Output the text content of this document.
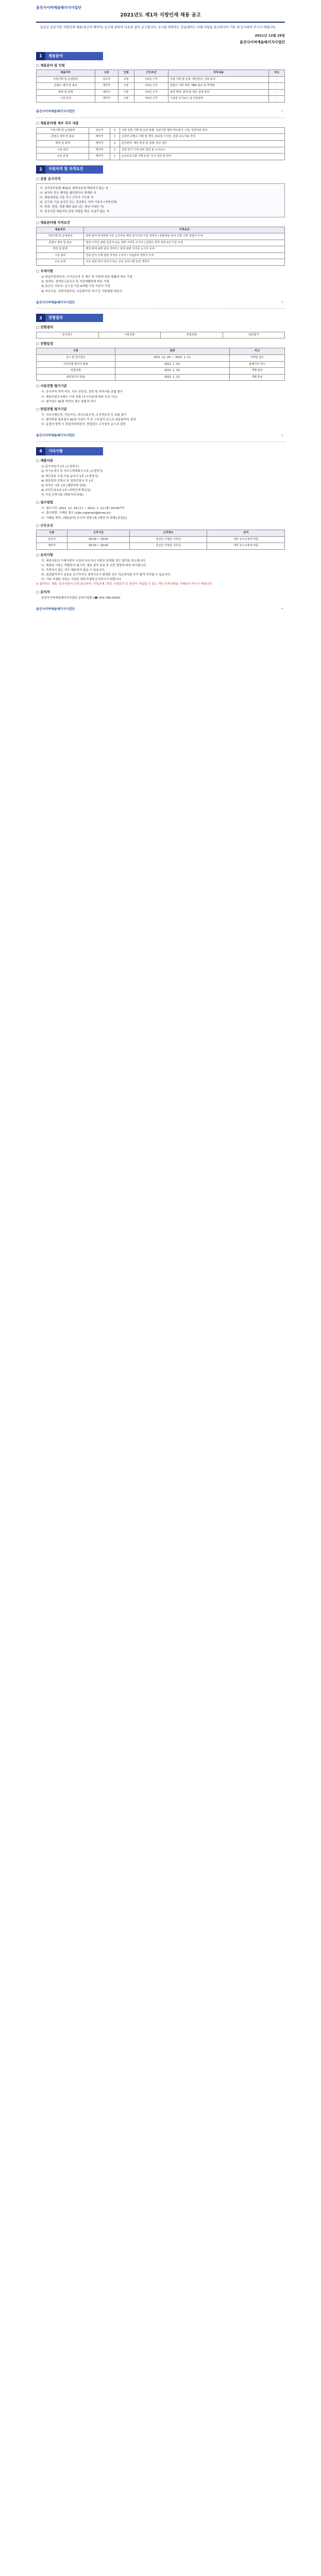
울진사이버예술패키지사업단
2021년도 제1차 지방인재 채용 공고

울진군 공공기관 지방인재 채용(정규직·계약직) 공고에 관하여 다음과 같이 공고합니다. 응시를 희망하는 분들께서는 아래 사항을 참고하시어 기한 내 응시하여 주시기 바랍니다.

2021년 12월 29일
울진사이버예술패키지사업단
1	채용분야
□ 채용분야 및 인원
채용직무	구분	인원	근무조건	직무내용	비고
사업기획 및 운영관리	정규직	1명	주5일 근무	사업 기획 및 운영, 예산관리, 성과 분석	-
콘텐츠 제작 및 홍보	계약직	1명	주5일 근무	콘텐츠 기획·제작, SNS 홍보 및 마케팅	-
행정 및 회계	계약직	1명	주5일 근무	일반 행정, 회계 및 예산 집행 관리	-
시설 관리	계약직	1명	주5일 근무	시설물 유지보수 및 안전관리	-
울진사이버예술패키지사업단	- 1 -
□ 채용분야별 세부 직무 내용
사업기획 및 운영관리	정규직	1	사업 전반 기획 및 운영 총괄, 유관기관 협력 네트워크 구축, 성과지표 관리
콘텐츠 제작 및 홍보	계약직	1	온라인 콘텐츠 기획 및 제작, 홍보물 디자인, 언론 보도자료 작성
행정 및 회계	계약직	1	문서관리, 예산 편성 및 집행, 정산 업무
시설 관리	계약직	1	건축·전기·기계 설비 점검 및 유지보수
교육 운영	계약직	1	교육프로그램 기획·운영, 강사 섭외 및 관리
2	지원자격 및 자격요건
□ 공통 응시자격
가. 국가공무원법 제33조 결격사유에 해당하지 않는 자
나. 남자의 경우 병역을 필하였거나 면제된 자
다. 채용예정일 기준 즉시 근무가 가능한 자
라. 공고일 기준 울진군 또는 경상북도 지역 거주자 (지방인재)
마. 학력, 연령, 성별 제한 없음 (단, 정년 이내인 자)
바. 공공기관 채용비리 관련 처벌을 받은 사실이 없는 자
□ 채용분야별 자격요건
채용직무	자격요건
사업기획 및 운영관리	관련 분야 학사학위 이상 소지자로 해당 분야 3년 이상 경력자 / 문화예술 분야 사업 기획 경험자 우대
콘텐츠 제작 및 홍보	영상·디자인 관련 전공자 또는 관련 자격증 소지자 / 콘텐츠 제작 경력 1년 이상 우대
행정 및 회계	행정·회계 관련 분야 경력자 / 회계 관련 자격증 소지자 우대
시설 관리	건축·전기·기계 관련 자격증 소지자 / 시설관리 경력자 우대
교육 운영	교육 관련 분야 전공자 또는 교육 프로그램 운영 경력자
□ 우대사항
1) 취업지원대상자: 국가유공자 등 예우 및 지원에 관한 법률에 따른 가점
2) 장애인: 장애인고용촉진 및 직업재활법에 따른 가점
3) 울진군 거주자: 공고일 기준 6개월 이상 거주자 가점
4) 저소득층, 북한이탈주민, 다문화가정 자녀 등 사회형평 대상자
울진사이버예술패키지사업단	- 2 -
3	전형절차
□ 전형절차
원서접수	서류전형	면접전형	최종합격
□ 전형일정
구분	일정	비고
공고 및 원서접수	2021. 12. 29. ~ 2022. 1. 11.	이메일 접수
서류전형 합격자 발표	2022. 1. 14.	홈페이지 게시
면접전형	2022. 1. 19.	개별 통보
최종합격자 발표	2022. 1. 21.	개별 통보
□ 서류전형 평가기준
가. 응시자격 적격 여부, 직무 관련성, 경력 및 자격사항 종합 평가
나. 채용인원의 5배수 이내 선발 (응시인원에 따라 조정 가능)
다. 평가점수 60점 미만인 경우 불합격 처리
□ 면접전형 평가기준
가. 직무수행능력, 전문지식, 의사소통능력, 조직적응력 등 종합 평가
나. 평가위원 평균점수 60점 이상인 자 중 고득점자 순으로 최종합격자 결정
다. 동점자 발생 시 취업지원대상자, 면접점수 고득점자 순으로 결정
울진사이버예술패키지사업단	- 3 -
4	기타사항
□ 제출서류
1) 입사지원서 1부 (소정양식)
2) 자기소개서 및 직무수행계획서 1부 (소정양식)
3) 개인정보 수집·이용 동의서 1부 (소정양식)
4) 최종학력 증명서 및 경력증명서 각 1부
5) 자격증 사본 1부 (해당자에 한함)
6) 주민등록초본 1부 (지방인재 확인용)
7) 가점 증빙서류 (해당자에 한함)
□ 접수방법
가. 접수기간: 2021. 12. 29.(수) ~ 2022. 1. 11.(화) 18:00까지
나. 접수방법: 이메일 접수 (uljin-cyberart@korea.kr)
다. 이메일 제목: [채용분야] 응시자 성명 (예: [행정 및 회계] 홍길동)
□ 근무조건
구분	근무시간	근무장소	급여
정규직	09:00 ~ 18:00	울진군 사업단 사무실	내부 보수규정에 따름
계약직	09:00 ~ 18:00	울진군 사업단 사무실	내부 보수규정에 따름
□ 유의사항
가. 제출서류의 기재사항이 사실과 다르거나 허위로 판명될 경우 합격을 취소합니다.
나. 제출된 서류는 반환하지 않으며, 채용 절차 종료 후 관련 법령에 따라 파기합니다.
다. 적격자가 없는 경우 채용하지 않을 수 있습니다.
라. 최종합격자가 임용을 포기하거나 결격사유가 발생한 경우 차순위자를 추가 합격 처리할 수 있습니다.
마. 기타 자세한 사항은 사업단 담당자에게 문의하시기 바랍니다.
※ 블라인드 채용: 입사지원서 등에 출신지역, 가족관계, 학력, 신체조건 등 편견이 개입될 수 있는 개인 인적사항을 기재하지 마시기 바랍니다.
□ 문의처
울진사이버예술패키지사업단 운영지원팀 (☎ 054-789-5000)
울진사이버예술패키지사업단	- 4 -
